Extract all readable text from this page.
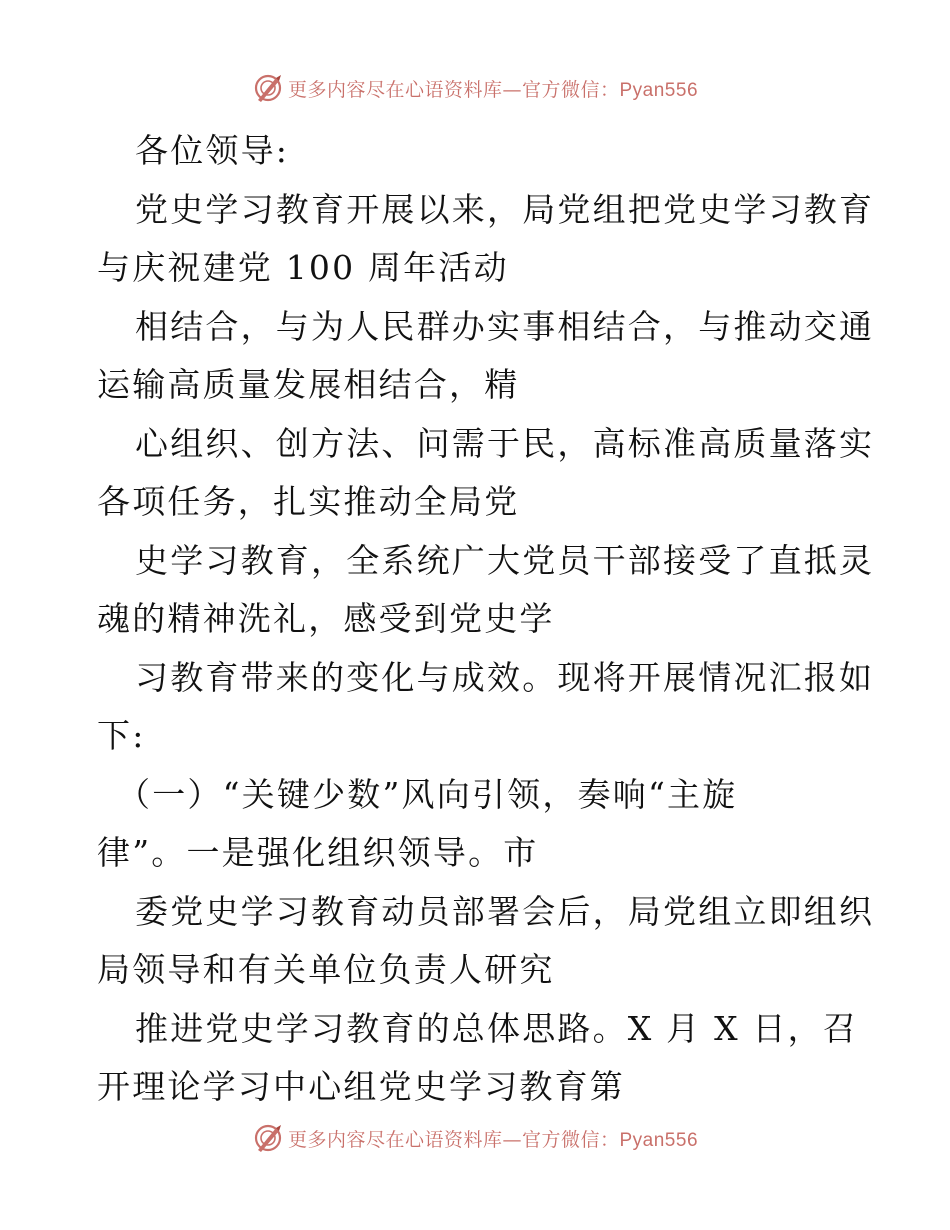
更多内容尽在心语资料库—官方微信：Pyan556
各位领导:
党史学习教育开展以来，局党组把党史学习教育
与庆祝建党 100 周年活动
相结合，与为人民群办实事相结合，与推动交通
运输高质量发展相结合，精
心组织、创方法、问需于民，高标准高质量落实
各项任务，扎实推动全局党
史学习教育，全系统广大党员干部接受了直抵灵
魂的精神洗礼，感受到党史学
习教育带来的变化与成效。现将开展情况汇报如
下:
（一）“关键少数”风向引领，奏响“主旋
律”。一是强化组织领导。市
委党史学习教育动员部署会后，局党组立即组织
局领导和有关单位负责人研究
推进党史学习教育的总体思路。X 月 X 日，召
开理论学习中心组党史学习教育第
更多内容尽在心语资料库—官方微信：Pyan556
